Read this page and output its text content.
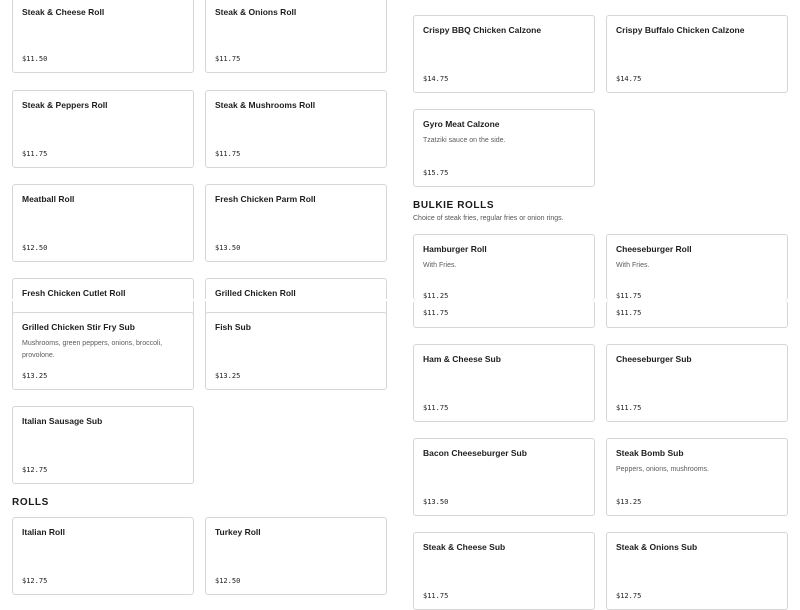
Steak & Cheese Roll
$11.50
Steak & Onions Roll
$11.75
Steak & Peppers Roll
$11.75
Steak & Mushrooms Roll
$11.75
Meatball Roll
$12.50
Fresh Chicken Parm Roll
$13.50
Fresh Chicken Cutlet Roll	Grilled Chicken Roll
Grilled Chicken Stir Fry Sub
Mushrooms, green peppers, onions, broccoli, provolone.
$13.25
Fish Sub
$13.25
Italian Sausage Sub
$12.75
ROLLS
Italian Roll
$12.75
Turkey Roll
$12.50
Crispy BBQ Chicken Calzone
$14.75
Crispy Buffalo Chicken Calzone
$14.75
Gyro Meat Calzone
Tzatziki sauce on the side.
$15.75
BULKIE ROLLS
Choice of steak fries, regular fries or onion rings.
Hamburger Roll
With Fries.
$11.25
Cheeseburger Roll
With Fries.
$11.75
$11.75	$11.75
Ham & Cheese Sub
$11.75
Cheeseburger Sub
$11.75
Bacon Cheeseburger Sub
$13.50
Steak Bomb Sub
Peppers, onions, mushrooms.
$13.25
Steak & Cheese Sub
$11.75
Steak & Onions Sub
$12.75
